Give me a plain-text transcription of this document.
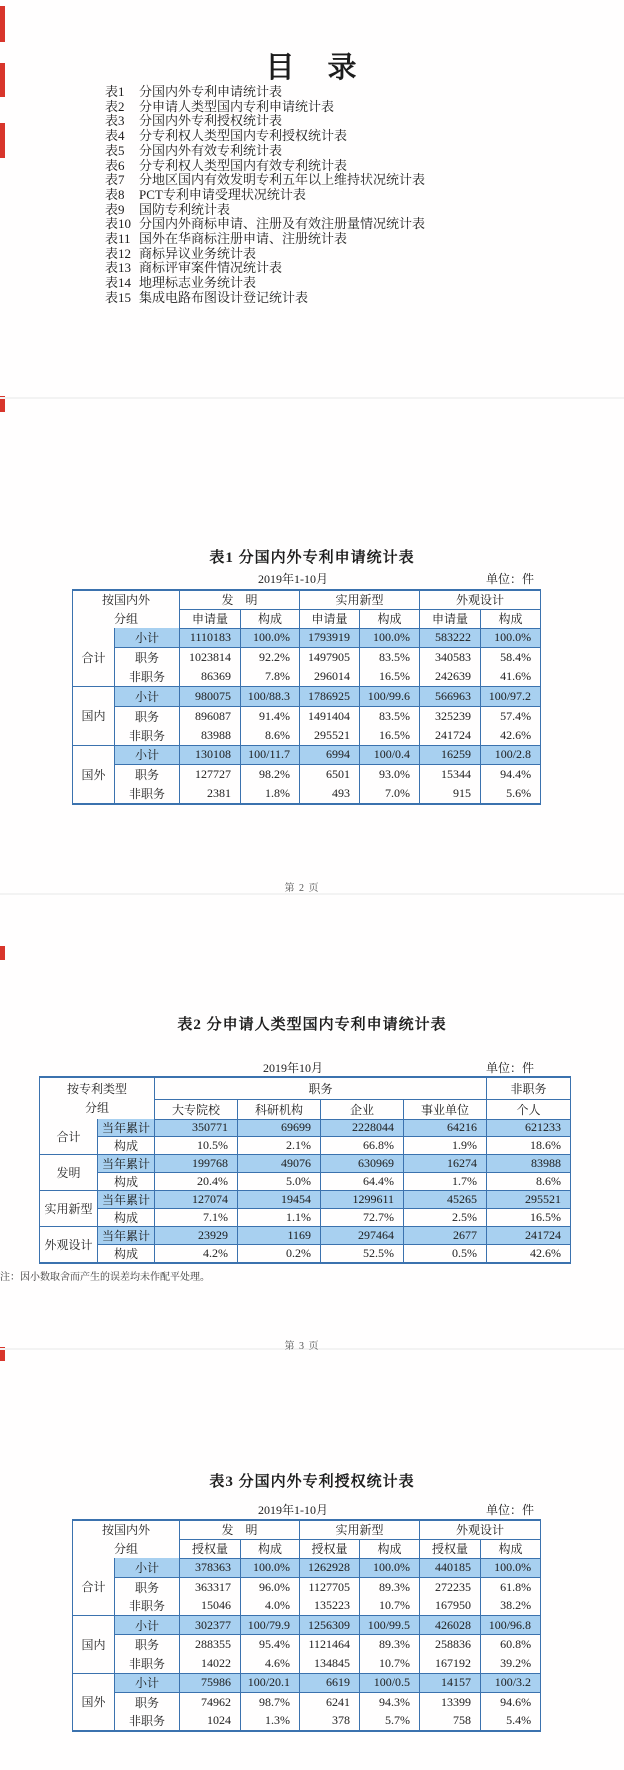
目　录
表1 分国内外专利申请统计表
表2 分申请人类型国内专利申请统计表
表3 分国内外专利授权统计表
表4 分专利权人类型国内专利授权统计表
表5 分国内外有效专利统计表
表6 分专利权人类型国内有效专利统计表
表7 分地区国内有效发明专利五年以上维持状况统计表
表8 PCT专利申请受理状况统计表
表9 国防专利统计表
表10 分国内外商标申请、注册及有效注册量情况统计表
表11 国外在华商标注册申请、注册统计表
表12 商标异议业务统计表
表13 商标评审案件情况统计表
表14 地理标志业务统计表
表15 集成电路布图设计登记统计表
表1 分国内外专利申请统计表
2019年1-10月	单位：件
按国内外
分组		发　明		实用新型		外观设计	
		申请量	构成	申请量	构成	申请量	构成
合计	小计	1110183	100.0%	1793919	100.0%	583222	100.0%
	职务	1023814	92.2%	1497905	83.5%	340583	58.4%
	非职务	86369	7.8%	296014	16.5%	242639	41.6%
国内	小计	980075	100/88.3	1786925	100/99.6	566963	100/97.2
	职务	896087	91.4%	1491404	83.5%	325239	57.4%
	非职务	83988	8.6%	295521	16.5%	241724	42.6%
国外	小计	130108	100/11.7	6994	100/0.4	16259	100/2.8
	职务	127727	98.2%	6501	93.0%	15344	94.4%
	非职务	2381	1.8%	493	7.0%	915	5.6%
第 2 页
表2 分申请人类型国内专利申请统计表
2019年10月	单位：件
按专利类型
分组		职务				非职务
		大专院校	科研机构	企业	事业单位	个人
合计	当年累计	350771	69699	2228044	64216	621233
	构成	10.5%	2.1%	66.8%	1.9%	18.6%
发明	当年累计	199768	49076	630969	16274	83988
	构成	20.4%	5.0%	64.4%	1.7%	8.6%
实用新型	当年累计	127074	19454	1299611	45265	295521
	构成	7.1%	1.1%	72.7%	2.5%	16.5%
外观设计	当年累计	23929	1169	297464	2677	241724
	构成	4.2%	0.2%	52.5%	0.5%	42.6%
注：因小数取舍而产生的误差均未作配平处理。
第 3 页
表3 分国内外专利授权统计表
2019年1-10月	单位：件
按国内外
分组		发　明		实用新型		外观设计	
		授权量	构成	授权量	构成	授权量	构成
合计	小计	378363	100.0%	1262928	100.0%	440185	100.0%
	职务	363317	96.0%	1127705	89.3%	272235	61.8%
	非职务	15046	4.0%	135223	10.7%	167950	38.2%
国内	小计	302377	100/79.9	1256309	100/99.5	426028	100/96.8
	职务	288355	95.4%	1121464	89.3%	258836	60.8%
	非职务	14022	4.6%	134845	10.7%	167192	39.2%
国外	小计	75986	100/20.1	6619	100/0.5	14157	100/3.2
	职务	74962	98.7%	6241	94.3%	13399	94.6%
	非职务	1024	1.3%	378	5.7%	758	5.4%
